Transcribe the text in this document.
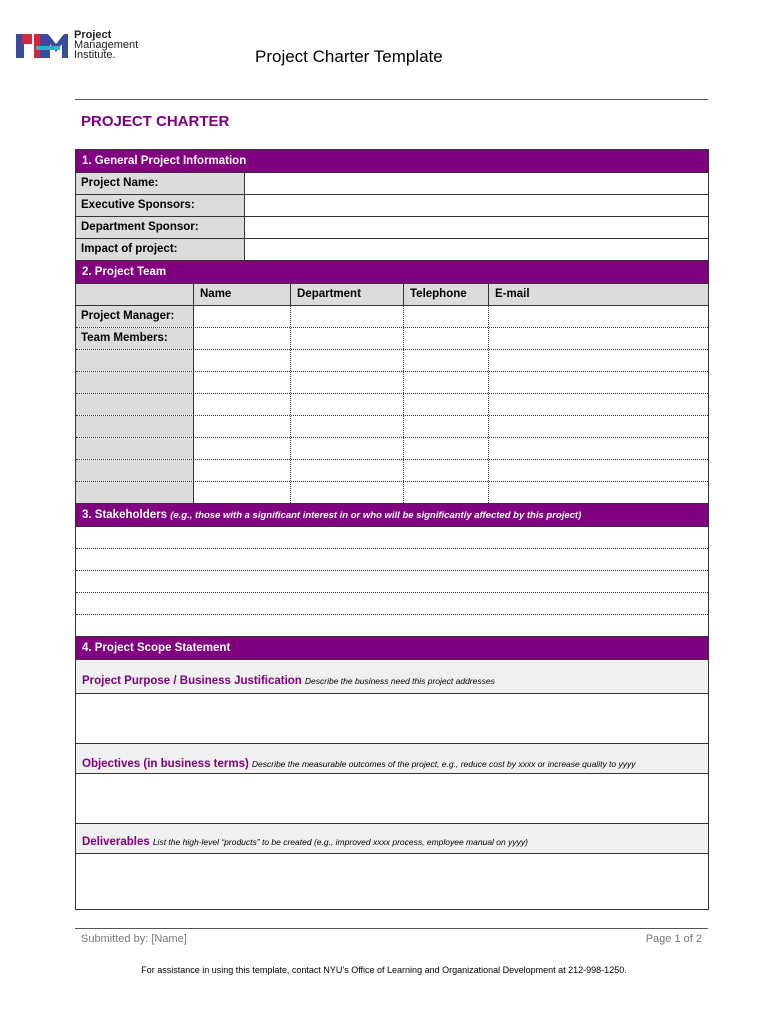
Project
Management
Institute.	Project Charter Template
PROJECT CHARTER
1. General Project Information
Project Name:
Executive Sponsors:
Department Sponsor:
Impact of project:
2. Project Team
Name	Department	Telephone	E-mail
Project Manager:
Team Members:
3. Stakeholders (e.g., those with a significant interest in or who will be significantly affected by this project)
4. Project Scope Statement
Project Purpose / Business Justification Describe the business need this project addresses
Objectives (in business terms) Describe the measurable outcomes of the project, e.g., reduce cost by xxxx or increase quality to yyyy
Deliverables List the high-level “products” to be created (e.g., improved xxxx process, employee manual on yyyy)
Submitted by: [Name]	Page 1 of 2
For assistance in using this template, contact NYU’s Office of Learning and Organizational Development at 212-998-1250.
